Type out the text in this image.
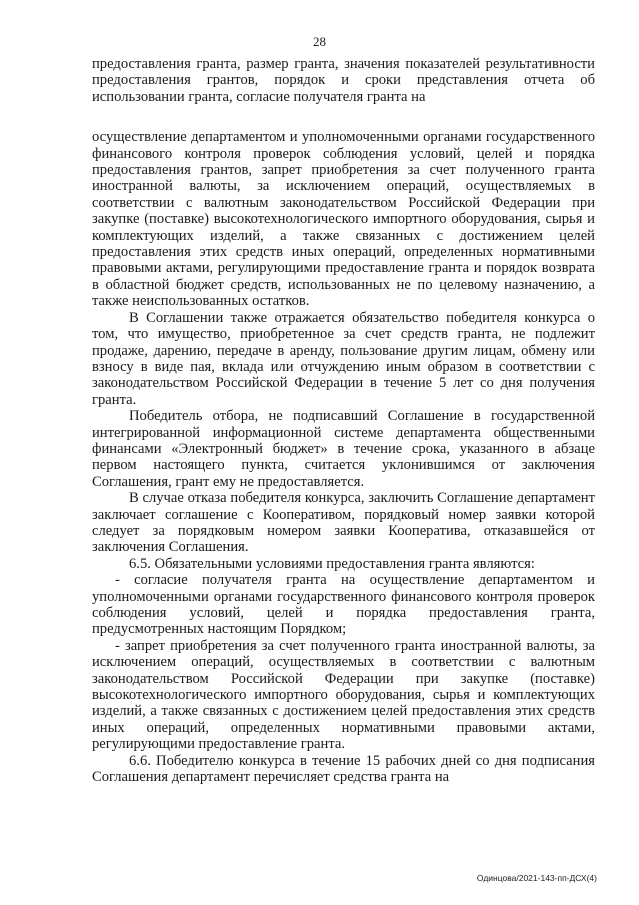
28

предоставления гранта, размер гранта, значения показателей результативности предоставления грантов, порядок и сроки представления отчета об использовании гранта, согласие получателя гранта на

осуществление департаментом и уполномоченными органами государственного финансового контроля проверок соблюдения условий, целей и порядка предоставления грантов, запрет приобретения за счет полученного гранта иностранной валюты, за исключением операций, осуществляемых в соответствии с валютным законодательством Российской Федерации при закупке (поставке) высокотехнологического импортного оборудования, сырья и комплектующих изделий, а также связанных с достижением целей предоставления этих средств иных операций, определенных нормативными правовыми актами, регулирующими предоставление гранта и порядок возврата в областной бюджет средств, использованных не по целевому назначению, а также неиспользованных остатков.

В Соглашении также отражается обязательство победителя конкурса о том, что имущество, приобретенное за счет средств гранта, не подлежит продаже, дарению, передаче в аренду, пользование другим лицам, обмену или взносу в виде пая, вклада или отчуждению иным образом в соответствии с законодательством Российской Федерации в течение 5 лет со дня получения гранта.

Победитель отбора, не подписавший Соглашение в государственной интегрированной информационной системе департамента общественными финансами «Электронный бюджет» в течение срока, указанного в абзаце первом настоящего пункта, считается уклонившимся от заключения Соглашения, грант ему не предоставляется.

В случае отказа победителя конкурса, заключить Соглашение департамент заключает соглашение с Кооперативом, порядковый номер заявки которой следует за порядковым номером заявки Кооператива, отказавшейся от заключения Соглашения.

6.5. Обязательными условиями предоставления гранта являются:

- согласие получателя гранта на осуществление департаментом и уполномоченными органами государственного финансового контроля проверок соблюдения условий, целей и порядка предоставления гранта, предусмотренных настоящим Порядком;

- запрет приобретения за счет полученного гранта иностранной валюты, за исключением операций, осуществляемых в соответствии с валютным законодательством Российской Федерации при закупке (поставке) высокотехнологического импортного оборудования, сырья и комплектующих изделий, а также связанных с достижением целей предоставления этих средств иных операций, определенных нормативными правовыми актами, регулирующими предоставление гранта.

6.6. Победителю конкурса в течение 15 рабочих дней со дня подписания Соглашения департамент перечисляет средства гранта на

Одинцова/2021-143-пп-ДСХ(4)
